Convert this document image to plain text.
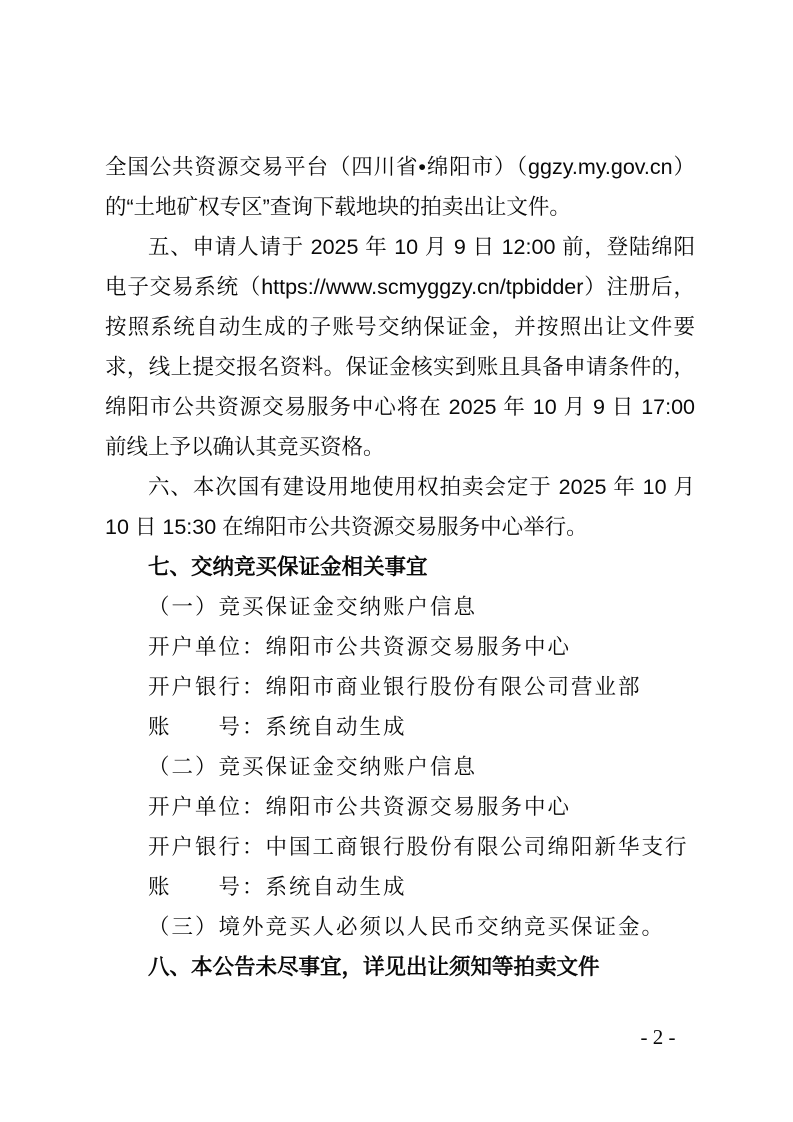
全国公共资源交易平台（四川省•绵阳市）（ggzy.my.gov.cn）的“土地矿权专区”查询下载地块的拍卖出让文件。

五、申请人请于 2025 年 10 月 9 日 12:00 前，登陆绵阳电子交易系统（https://www.scmyggzy.cn/tpbidder）注册后，按照系统自动生成的子账号交纳保证金，并按照出让文件要求，线上提交报名资料。保证金核实到账且具备申请条件的，绵阳市公共资源交易服务中心将在 2025 年 10 月 9 日 17:00 前线上予以确认其竞买资格。

六、本次国有建设用地使用权拍卖会定于 2025 年 10 月 10 日 15:30 在绵阳市公共资源交易服务中心举行。

七、交纳竞买保证金相关事宜

（一）竞买保证金交纳账户信息

开户单位：绵阳市公共资源交易服务中心

开户银行：绵阳市商业银行股份有限公司营业部

账　　号：系统自动生成

（二）竞买保证金交纳账户信息

开户单位：绵阳市公共资源交易服务中心

开户银行：中国工商银行股份有限公司绵阳新华支行

账　　号：系统自动生成

（三）境外竞买人必须以人民币交纳竞买保证金。

八、本公告未尽事宜，详见出让须知等拍卖文件

- 2 -
